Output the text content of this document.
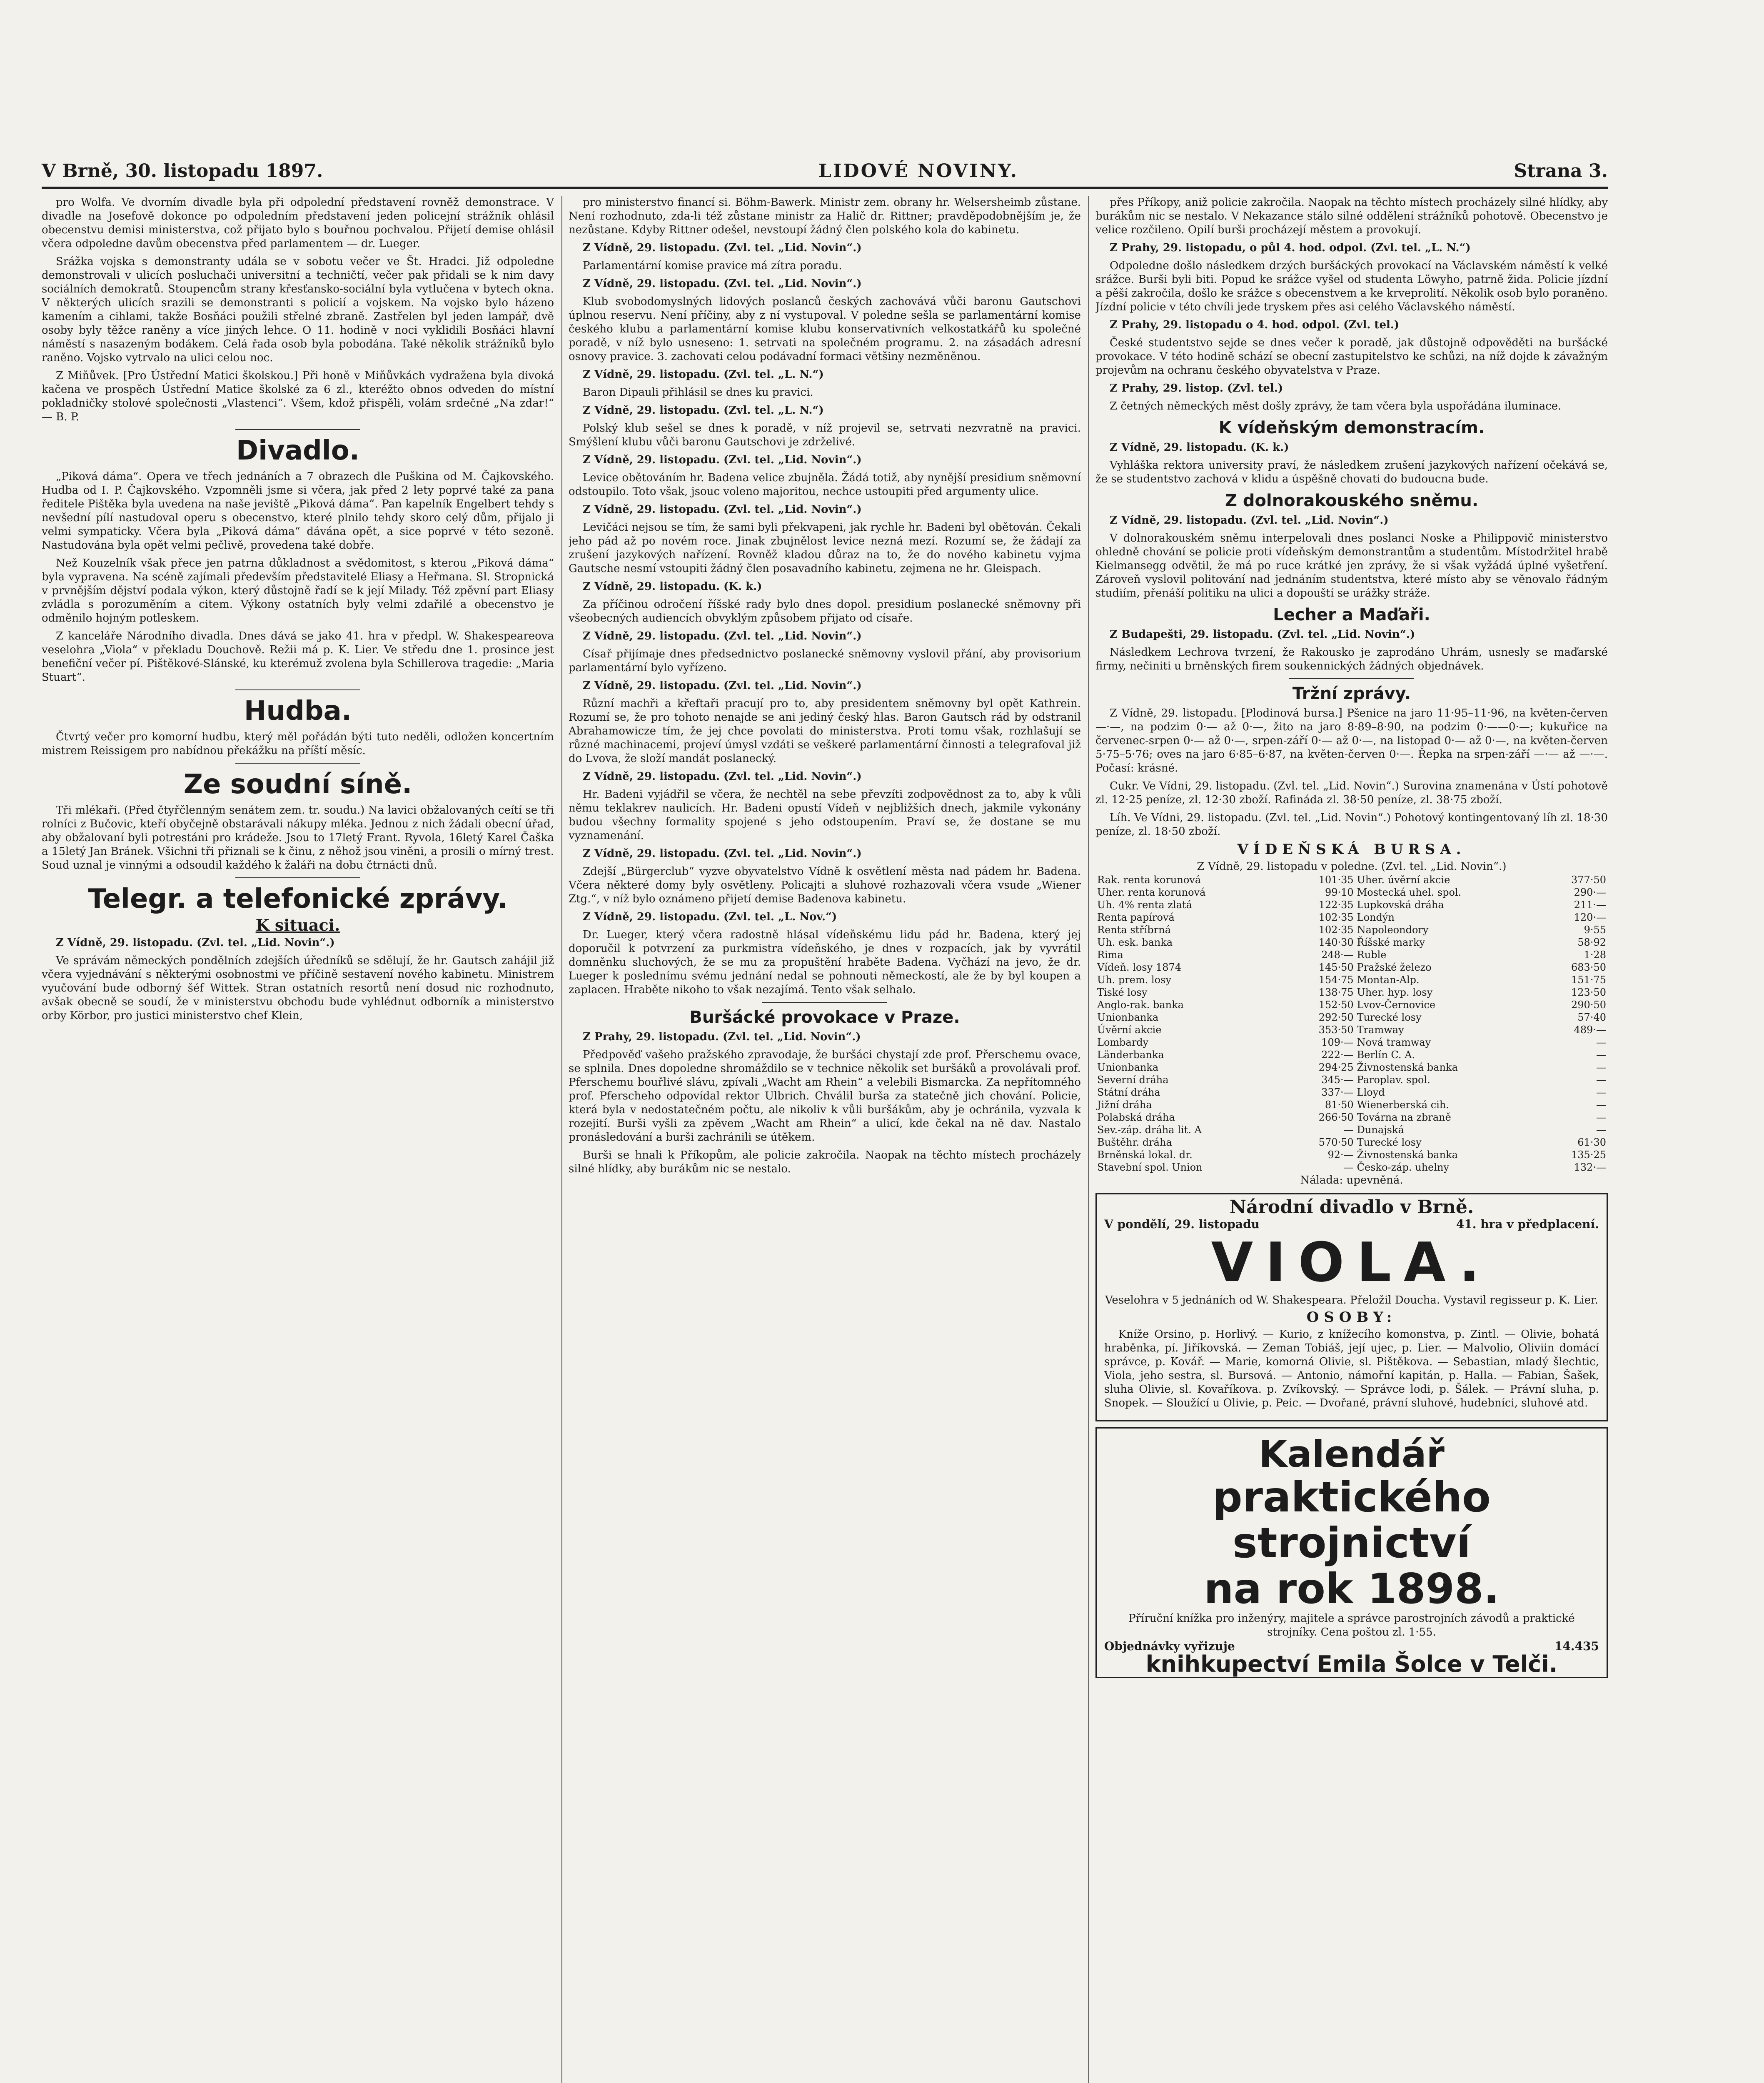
V Brně, 30. listopadu 1897.	LIDOVÉ NOVINY.	Strana 3.

pro Wolfa. Ve dvorním divadle byla při odpolední představení rovněž demonstrace. V divadle na Josefově dokonce po odpoledním představení jeden policejní strážník ohlásil obecenstvu demisi ministerstva, což přijato bylo s bouřnou pochvalou. Přijetí demise ohlásil včera odpoledne davům obecenstva před parlamentem — dr. Lueger.

Srážka vojska s demonstranty udála se v sobotu večer ve Št. Hradci. Již odpoledne demonstrovali v ulicích posluchači universitní a techničtí, večer pak přidali se k nim davy sociálních demokratů. Stoupencům strany křesťansko-sociální byla vytlučena v bytech okna. V některých ulicích srazili se demonstranti s policií a vojskem. Na vojsko bylo házeno kamením a cihlami, takže Bosňáci použili střelné zbraně. Zastřelen byl jeden lampář, dvě osoby byly těžce raněny a více jiných lehce. O 11. hodině v noci vyklidili Bosňáci hlavní náměstí s nasazeným bodákem. Celá řada osob byla pobodána. Také několik strážníků bylo raněno. Vojsko vytrvalo na ulici celou noc.

Z Miňůvek. [Pro Ústřední Matici školskou.] Při honě v Miňůvkách vydražena byla divoká kačena ve prospěch Ústřední Matice školské za 6 zl., kteréžto obnos odveden do místní pokladničky stolové společnosti „Vlastenci“. Všem, kdož přispěli, volám srdečné „Na zdar!“ — B. P.

Divadlo.

„Piková dáma“. Opera ve třech jednáních a 7 obrazech dle Puškina od M. Čajkovského. Hudba od I. P. Čajkovského. Vzpomněli jsme si včera, jak před 2 lety poprvé také za pana ředitele Pištěka byla uvedena na naše jeviště „Piková dáma“. Pan kapelník Engelbert tehdy s nevšední pílí nastudoval operu s obecenstvo, které plnilo tehdy skoro celý dům, přijalo ji velmi sympaticky. Včera byla „Piková dáma“ dávána opět, a sice poprvé v této sezoně. Nastudována byla opět velmi pečlivě, provedena také dobře.

Než Kouzelník však přece jen patrna důkladnost a svědomitost, s kterou „Piková dáma“ byla vypravena. Na scéně zajímali především představitelé Eliasy a Heřmana. Sl. Stropnická v prvnějším dějství podala výkon, který důstojně řadí se k její Milady. Též zpěvní part Eliasy zvládla s porozuměním a citem. Výkony ostatních byly velmi zdařilé a obecenstvo je odměnilo hojným potleskem.

Z kanceláře Národního divadla. Dnes dává se jako 41. hra v předpl. W. Shakespeareova veselohra „Viola“ v překladu Douchově. Režii má p. K. Lier. Ve středu dne 1. prosince jest benefiční večer pí. Pištěkové-Slánské, ku kterémuž zvolena byla Schillerova tragedie: „Maria Stuart“.

Hudba.

Čtvrtý večer pro komorní hudbu, který měl pořádán býti tuto neděli, odložen koncertním mistrem Reissigem pro nabídnou překážku na příští měsíc.

Ze soudní síně.

Tři mlékaři. (Před čtyřčlenným senátem zem. tr. soudu.) Na lavici obžalovaných ceítí se tři rolníci z Bučovic, kteří obyčejně obstarávali nákupy mléka. Jednou z nich žádali obecní úřad, aby obžalovaní byli potrestáni pro krádeže. Jsou to 17letý Frant. Ryvola, 16letý Karel Čaška a 15letý Jan Bránek. Všichni tři přiznali se k činu, z něhož jsou viněni, a prosili o mírný trest. Soud uznal je vinnými a odsoudil každého k žaláři na dobu čtrnácti dnů.

Telegr. a telefonické zprávy.
K situaci.

Z Vídně, 29. listopadu. (Zvl. tel. „Lid. Novin“.)

Ve správám německých pondělních zdejších úředníků se sdělují, že hr. Gautsch zahájil již včera vyjednávání s některými osobnostmi ve příčině sestavení nového kabinetu. Ministrem vyučování bude odborný šéf Wittek. Stran ostatních resortů není dosud nic rozhodnuto, avšak obecně se soudí, že v ministerstvu obchodu bude vyhlédnut odborník a ministerstvo orby Körbor, pro justici ministerstvo chef Klein,

pro ministerstvo financí si. Böhm-Bawerk. Ministr zem. obrany hr. Welsersheimb zůstane. Není rozhodnuto, zda-li též zůstane ministr za Halič dr. Rittner; pravděpodobnějším je, že nezůstane. Kdyby Rittner odešel, nevstoupí žádný člen polského kola do kabinetu.

Z Vídně, 29. listopadu. (Zvl. tel. „Lid. Novin“.)

Parlamentární komise pravice má zítra poradu.

Z Vídně, 29. listopadu. (Zvl. tel. „Lid. Novin“.)

Klub svobodomyslných lidových poslanců českých zachovává vůči baronu Gautschovi úplnou reservu. Není příčiny, aby z ní vystupoval. V poledne sešla se parlamentární komise českého klubu a parlamentární komise klubu konservativních velkostatkářů ku společné poradě, v níž bylo usneseno: 1. setrvati na společném programu. 2. na zásadách adresní osnovy pravice. 3. zachovati celou podávadní formaci většiny nezměněnou.

Z Vídně, 29. listopadu. (Zvl. tel. „L. N.“)

Baron Dipauli přihlásil se dnes ku pravici.

Z Vídně, 29. listopadu. (Zvl. tel. „L. N.“)

Polský klub sešel se dnes k poradě, v níž projevil se, setrvati nezvratně na pravici. Smýšlení klubu vůči baronu Gautschovi je zdrželivé.

Z Vídně, 29. listopadu. (Zvl. tel. „Lid. Novin“.)

Levice obětováním hr. Badena velice zbujněla. Žádá totiž, aby nynější presidium sněmovní odstoupilo. Toto však, jsouc voleno majoritou, nechce ustoupiti před argumenty ulice.

Z Vídně, 29. listopadu. (Zvl. tel. „Lid. Novin“.)

Levičáci nejsou se tím, že sami byli překvapeni, jak rychle hr. Badeni byl obětován. Čekali jeho pád až po novém roce. Jinak zbujnělost levice nezná mezí. Rozumí se, že žádají za zrušení jazykových nařízení. Rovněž kladou důraz na to, že do nového kabinetu vyjma Gautsche nesmí vstoupiti žádný člen posavadního kabinetu, zejmena ne hr. Gleispach.

Z Vídně, 29. listopadu. (K. k.)

Za příčinou odročení říšské rady bylo dnes dopol. presidium poslanecké sněmovny při všeobecných audiencích obvyklým způsobem přijato od císaře.

Z Vídně, 29. listopadu. (Zvl. tel. „Lid. Novin“.)

Císař přijímaje dnes předsednictvo poslanecké sněmovny vyslovil přání, aby provisorium parlamentární bylo vyřízeno.

Z Vídně, 29. listopadu. (Zvl. tel. „Lid. Novin“.)

Různí machři a křeftaři pracují pro to, aby presidentem sněmovny byl opět Kathrein. Rozumí se, že pro tohoto nenajde se ani jediný český hlas. Baron Gautsch rád by odstranil Abrahamowicze tím, že jej chce povolati do ministerstva. Proti tomu však, rozhlašují se různé machinacemi, projeví úmysl vzdáti se veškeré parlamentární činnosti a telegrafoval již do Lvova, že složí mandát poslanecký.

Z Vídně, 29. listopadu. (Zvl. tel. „Lid. Novin“.)

Hr. Badeni vyjádřil se včera, že nechtěl na sebe převzíti zodpovědnost za to, aby k vůli němu teklakrev naulicích. Hr. Badeni opustí Vídeň v nejbližších dnech, jakmile vykonány budou všechny formality spojené s jeho odstoupením. Praví se, že dostane se mu vyznamenání.

Z Vídně, 29. listopadu. (Zvl. tel. „Lid. Novin“.)

Zdejší „Bürgerclub“ vyzve obyvatelstvo Vídně k osvětlení města nad pádem hr. Badena. Včera některé domy byly osvětleny. Policajti a sluhové rozhazovali včera vsude „Wiener Ztg.“, v níž bylo oznámeno přijetí demise Badenova kabinetu.

Z Vídně, 29. listopadu. (Zvl. tel. „L. Nov.“)

Dr. Lueger, který včera radostně hlásal vídeňskému lidu pád hr. Badena, který jej doporučil k potvrzení za purkmistra vídeňského, je dnes v rozpacích, jak by vyvrátil domněnku sluchových, že se mu za propuštění hraběte Badena. Vyčhází na jevo, že dr. Lueger k poslednímu svému jednání nedal se pohnouti německostí, ale že by byl koupen a zaplacen. Hraběte nikoho to však nezajímá. Tento však selhalo.

Buršácké provokace v Praze.

Z Prahy, 29. listopadu. (Zvl. tel. „Lid. Novin“.)

Předpověď vašeho pražského zpravodaje, že buršáci chystají zde prof. Přerschemu ovace, se splnila. Dnes dopoledne shromáždilo se v technice několik set buršáků a provolávali prof. Pferschemu bouřlivé slávu, zpívali „Wacht am Rhein“ a velebili Bismarcka. Za nepřítomného prof. Pferscheho odpovídal rektor Ulbrich. Chválil burša za statečně jich chování. Policie, která byla v nedostatečném počtu, ale nikoliv k vůli buršákům, aby je ochránila, vyzvala k rozejití. Burši vyšli za zpěvem „Wacht am Rhein“ a ulicí, kde čekal na ně dav. Nastalo pronásledování a burši zachránili se útěkem.

Burši se hnali k Příkopům, ale policie zakročila. Naopak na těchto místech procházely silné hlídky, aby burákům nic se nestalo.

přes Příkopy, aniž policie zakročila. Naopak na těchto místech procházely silné hlídky, aby burákům nic se nestalo. V Nekazance stálo silné oddělení strážníků pohotově. Obecenstvo je velice rozčileno. Opilí burši procházejí městem a provokují.

Z Prahy, 29. listopadu, o půl 4. hod. odpol. (Zvl. tel. „L. N.“)

Odpoledne došlo následkem drzých buršáckých provokací na Václavském náměstí k velké srážce. Burši byli biti. Popud ke srážce vyšel od studenta Löwyho, patrně žida. Policie jízdní a pěší zakročila, došlo ke srážce s obecenstvem a ke krveprolití. Několik osob bylo poraněno. Jízdní policie v této chvíli jede tryskem přes asi celého Václavského náměstí.

Z Prahy, 29. listopadu o 4. hod. odpol. (Zvl. tel.)

České studentstvo sejde se dnes večer k poradě, jak důstojně odpověděti na buršácké provokace. V této hodině schází se obecní zastupitelstvo ke schůzi, na níž dojde k závažným projevům na ochranu českého obyvatelstva v Praze.

Z Prahy, 29. listop. (Zvl. tel.)

Z četných německých měst došly zprávy, že tam včera byla uspořádána iluminace.

K vídeňským demonstracím.

Z Vídně, 29. listopadu. (K. k.)

Vyhláška rektora university praví, že následkem zrušení jazykových nařízení očekává se, že se studentstvo zachová v klidu a úspěšně chovati do budoucna bude.

Z dolnorakouského sněmu.

Z Vídně, 29. listopadu. (Zvl. tel. „Lid. Novin“.)

V dolnorakouském sněmu interpelovali dnes poslanci Noske a Philippovič ministerstvo ohledně chování se policie proti vídeňským demonstrantům a studentům. Místodržitel hrabě Kielmansegg odvětil, že má po ruce krátké jen zprávy, že si však vyžádá úplné vyšetření. Zároveň vyslovil politování nad jednáním studentstva, které místo aby se věnovalo řádným studiím, přenáší politiku na ulici a dopouští se urážky stráže.

Lecher a Maďaři.

Z Budapešti, 29. listopadu. (Zvl. tel. „Lid. Novin“.)

Následkem Lechrova tvrzení, že Rakousko je zaprodáno Uhrám, usnesly se maďarské firmy, nečiniti u brněnských firem soukennických žádných objednávek.

Tržní zprávy.

Z Vídně, 29. listopadu. [Plodinová bursa.] Pšenice na jaro 11·95–11·96, na květen-červen —·—, na podzim 0·— až 0·—, žito na jaro 8·89–8·90, na podzim 0·——0·—; kukuřice na červenec-srpen 0·— až 0·—, srpen-září 0·— až 0·—, na listopad 0·— až 0·—, na květen-červen 5·75–5·76; oves na jaro 6·85–6·87, na květen-červen 0·—. Řepka na srpen-září —·— až —·—. Počasí: krásné.

Cukr. Ve Vídni, 29. listopadu. (Zvl. tel. „Lid. Novin“.) Surovina znamenána v Ústí pohotově zl. 12·25 peníze, zl. 12·30 zboží. Rafináda zl. 38·50 peníze, zl. 38·75 zboží.

Líh. Ve Vídni, 29. listopadu. (Zvl. tel. „Lid. Novin“.) Pohotový kontingentovaný líh zl. 18·30 peníze, zl. 18·50 zboží.

VÍDEŇSKÁ BURSA.
Z Vídně, 29. listopadu v poledne. (Zvl. tel. „Lid. Novin“.)
Rak. renta korunová	101·35	Uher. úvěrní akcie	377·50
Uher. renta korunová	99·10	Mostecká uhel. spol.	290·—
Uh. 4% renta zlatá	122·35	Lupkovská dráha	211·—
Renta papírová	102·35	Londýn	120·—
Renta stříbrná	102·35	Napoleondory	9·55
Uh. esk. banka	140·30	Říšské marky	58·92
Rima	248·—	Ruble	1·28
Vídeň. losy 1874	145·50	Pražské železo	683·50
Uh. prem. losy	154·75	Montan-Alp.	151·75
Tiské losy	138·75	Uher. hyp. losy	123·50
Anglo-rak. banka	152·50	Lvov-Černovice	290·50
Unionbanka	292·50	Turecké losy	57·40
Úvěrní akcie	353·50	Tramway	489·—
Lombardy	109·—	Nová tramway	—
Länderbanka	222·—	Berlín C. A.	—
Unionbanka	294·25	Živnostenská banka	—
Severní dráha	345·—	Paroplav. spol.	—
Státní dráha	337·—	Lloyd	—
Jižní dráha	81·50	Wienerberská cih.	—
Polabská dráha	266·50	Továrna na zbraně	—
Sev.-záp. dráha lit. A	—	Dunajská	—
Buštěhr. dráha	570·50	Turecké losy	61·30
Brněnská lokal. dr.	92·—	Živnostenská banka	135·25
Stavební spol. Union	—	Česko-záp. uhelny	132·—
Nálada: upevněná.
Národní divadlo v Brně.
V pondělí, 29. listopadu	41. hra v předplacení.
VIOLA.
Veselohra v 5 jednáních od W. Shakespeara. Přeložil Doucha. Vystavil regisseur p. K. Lier.
OSOBY:

Kníže Orsino, p. Horlivý. — Kurio, z knížecího komonstva, p. Zintl. — Olivie, bohatá hraběnka, pí. Jiříkovská. — Zeman Tobiáš, její ujec, p. Lier. — Malvolio, Oliviin domácí správce, p. Kovář. — Marie, komorná Olivie, sl. Pištěkova. — Sebastian, mladý šlechtic, Viola, jeho sestra, sl. Bursová. — Antonio, námořní kapitán, p. Halla. — Fabian, Šašek, sluha Olivie, sl. Kovaříkova. p. Zvíkovský. — Správce lodi, p. Šálek. — Právní sluha, p. Snopek. — Sloužící u Olivie, p. Peic. — Dvořané, právní sluhové, hudebníci, sluhové atd.

Kalendář
praktického strojnictví
na rok 1898.
Příruční knížka pro inženýry, majitele a správce parostrojních závodů a praktické strojníky. Cena poštou zl. 1·55.
Objednávky vyřizuje	14.435
knihkupectví Emila Šolce v Telči.
